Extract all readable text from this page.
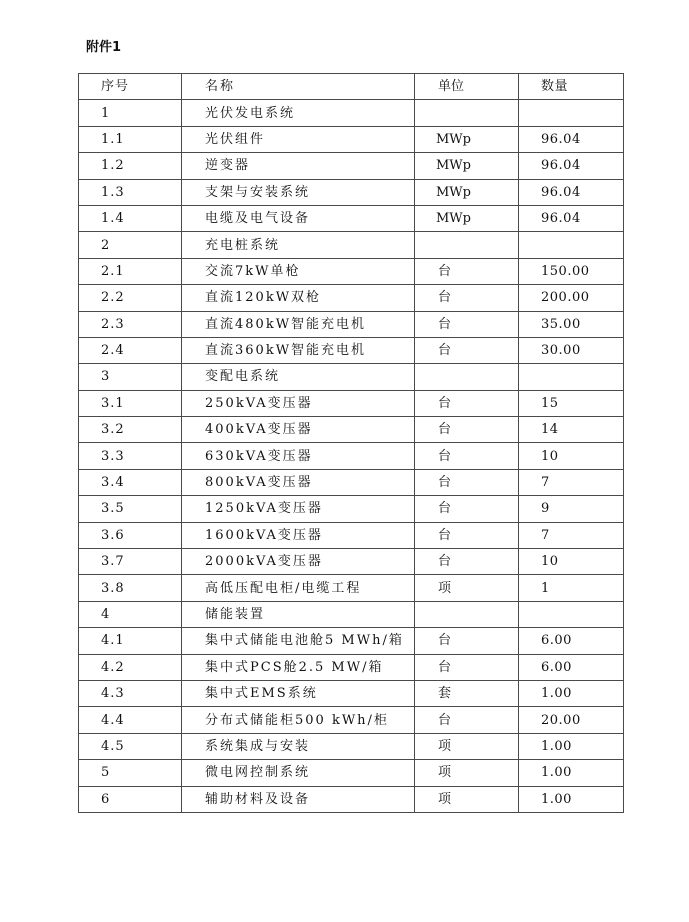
附件1
序号	名称	单位	数量
1	光伏发电系统		
1.1	光伏组件	MWp	96.04
1.2	逆变器	MWp	96.04
1.3	支架与安装系统	MWp	96.04
1.4	电缆及电气设备	MWp	96.04
2	充电桩系统		
2.1	交流7kW单枪	台	150.00
2.2	直流120kW双枪	台	200.00
2.3	直流480kW智能充电机	台	35.00
2.4	直流360kW智能充电机	台	30.00
3	变配电系统		
3.1	250kVA变压器	台	15
3.2	400kVA变压器	台	14
3.3	630kVA变压器	台	10
3.4	800kVA变压器	台	7
3.5	1250kVA变压器	台	9
3.6	1600kVA变压器	台	7
3.7	2000kVA变压器	台	10
3.8	高低压配电柜/电缆工程	项	1
4	储能装置		
4.1	集中式储能电池舱5 MWh/箱	台	6.00
4.2	集中式PCS舱2.5 MW/箱	台	6.00
4.3	集中式EMS系统	套	1.00
4.4	分布式储能柜500 kWh/柜	台	20.00
4.5	系统集成与安装	项	1.00
5	微电网控制系统	项	1.00
6	辅助材料及设备	项	1.00
